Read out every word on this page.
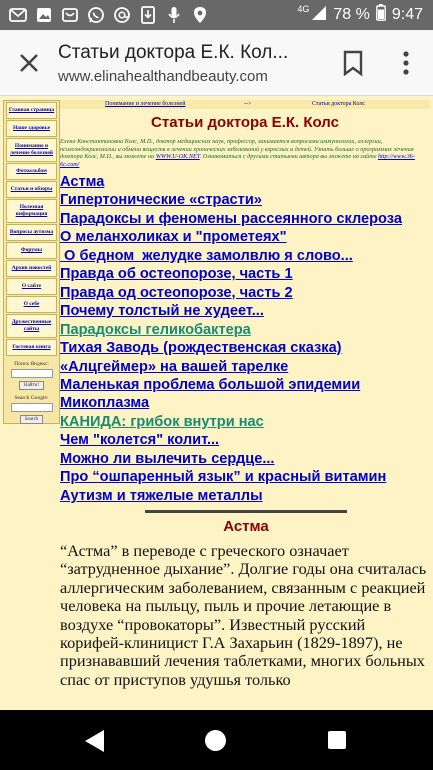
4G 78 % 9:47
Статьи доктора Е.К. Кол...
www.elinahealthandbeauty.com
Главная страница
Наше здоровье
Понимание и лечение болезней
Фотоальбом
Статьи и обзоры
Полезная информация
Вопросы аутизма
Форумы
Архив новостей
О сайте
О себе
Дружественные сайты
Гостевая книга
Поиск Яндекс:
Найти!
Search Google:
Search
Понимание и лечение болезней	-->	Статьи доктора Колс
Статьи доктора Е.К. Колс
Елена Константиновна Колс, M.D., доктор медицинских наук, профессор, занимается вопросами иммунологии, аллергии, психоэндокринологии и обмена веществ в лечении хронических заболеваний у взрослых и детей. Узнать больше о программах лечения доктора Колс, M.D., вы можете на WWW.U-OK.NET. Ознакомиться с другими статьями автора вы можете на сайте http://www.36-6c.com/
Астма
Гипертонические «страсти»
Парадоксы и феномены рассеянного склероза
О меланхоликах и "прометеях"
О бедном  желудке замолвлю я слово...
Правда об остеопорозе, часть 1
Правда од остеопорозе, часть 2
Почему толстый не худеет...
Парадоксы геликобактера
Тихая Заводь (рождественская сказка)
«Алцгеймер» на вашей тарелке
Маленькая проблема большой эпидемии
Микоплазма
КАНИДА: грибок внутри нас
Чем "колется" колит...
Можно ли вылечить сердце...
Про “ошпаренный язык” и красный витамин
Аутизм и тяжелые металлы
Астма
“Астма” в переводе с греческого означает “затрудненное дыхание”. Долгие годы она считалась аллергическим заболеванием, связанным с реакцией человека на пыльцу, пыль и прочие летающие в воздухе “провокаторы”. Известный русский корифей-клиницист Г.А Захарьин (1829-1897), не признававший лечения таблетками, многих больных спас от приступов удушья только
